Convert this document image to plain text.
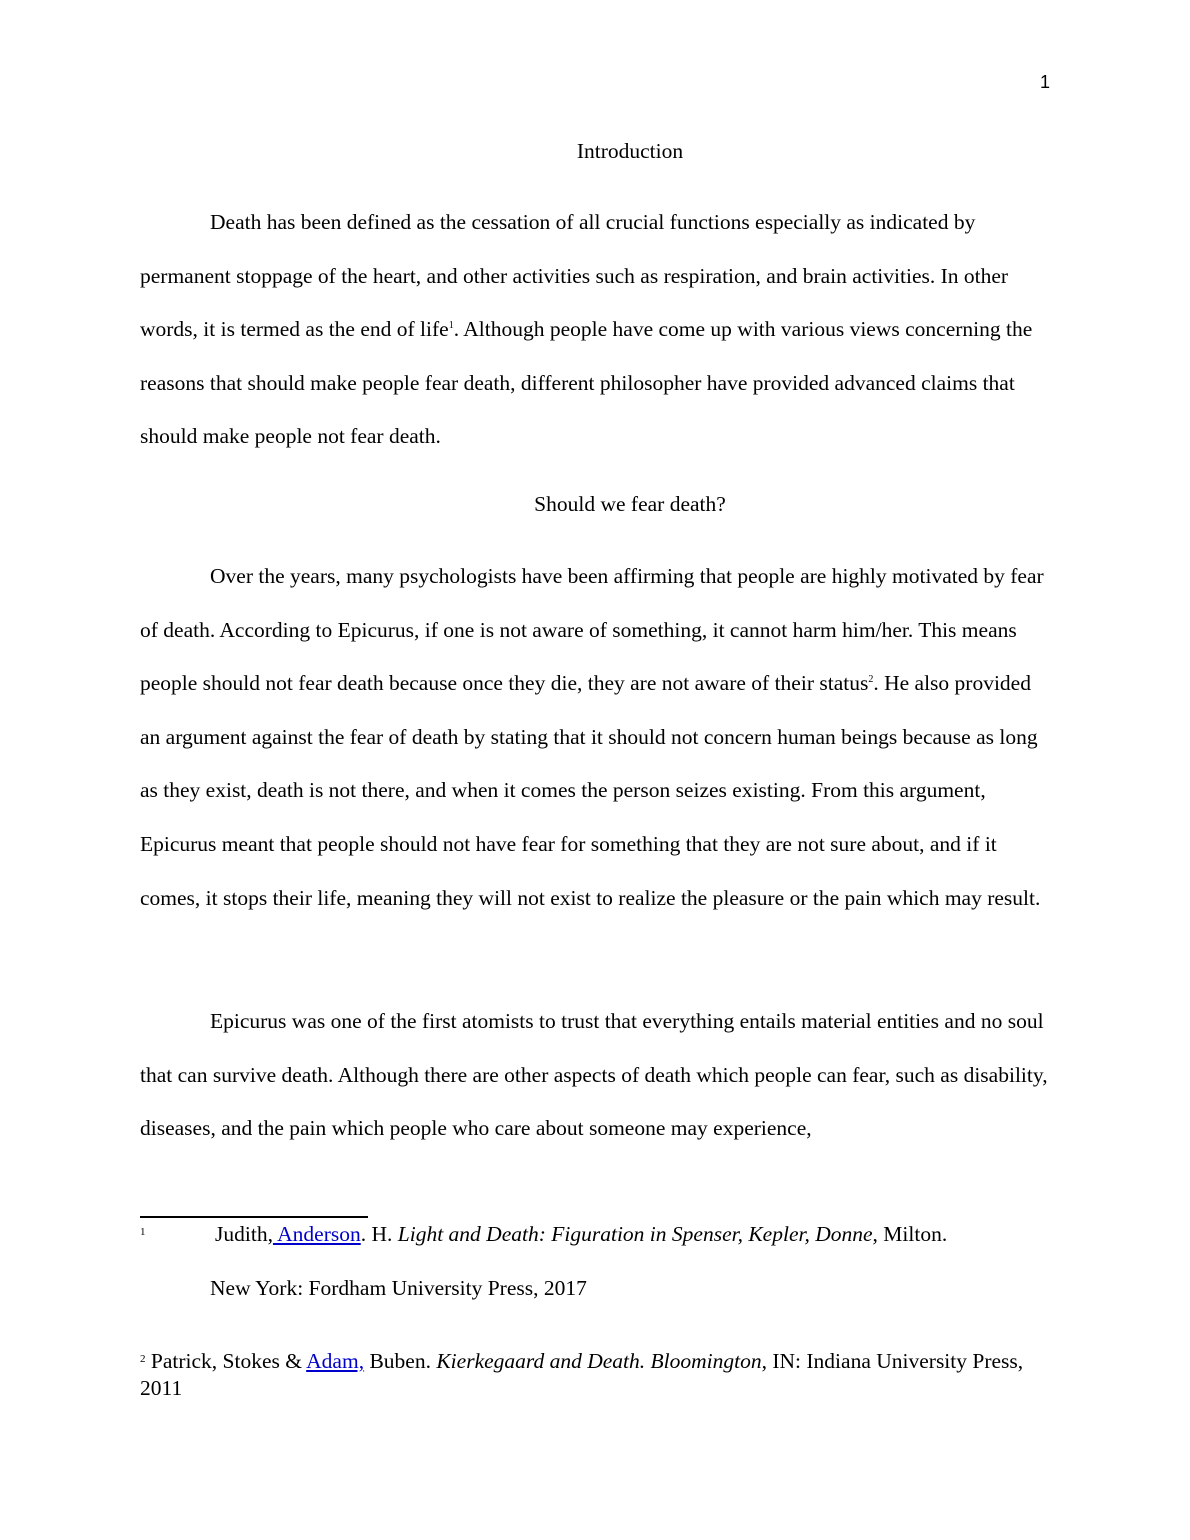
1
Introduction

Death has been defined as the cessation of all crucial functions especially as indicated by permanent stoppage of the heart, and other activities such as respiration, and brain activities. In other words, it is termed as the end of life$^1$. Although people have come up with various views concerning the reasons that should make people fear death, different philosopher have provided advanced claims that should make people not fear death.

Should we fear death?

Over the years, many psychologists have been affirming that people are highly motivated by fear of death. According to Epicurus, if one is not aware of something, it cannot harm him/her. This means people should not fear death because once they die, they are not aware of their status$^2$. He also provided an argument against the fear of death by stating that it should not concern human beings because as long as they exist, death is not there, and when it comes the person seizes existing. From this argument, Epicurus meant that people should not have fear for something that they are not sure about, and if it comes, it stops their life, meaning they will not exist to realize the pleasure or the pain which may result.

Epicurus was one of the first atomists to trust that everything entails material entities and no soul that can survive death. Although there are other aspects of death which people can fear, such as disability, diseases, and the pain which people who care about someone may experience,

1	Judith, Anderson. H. Light and Death: Figuration in Spenser, Kepler, Donne, Milton.
New York: Fordham University Press, 2017
$^2$ Patrick, Stokes & Adam, Buben. Kierkegaard and Death. Bloomington, IN: Indiana University Press, 2011
